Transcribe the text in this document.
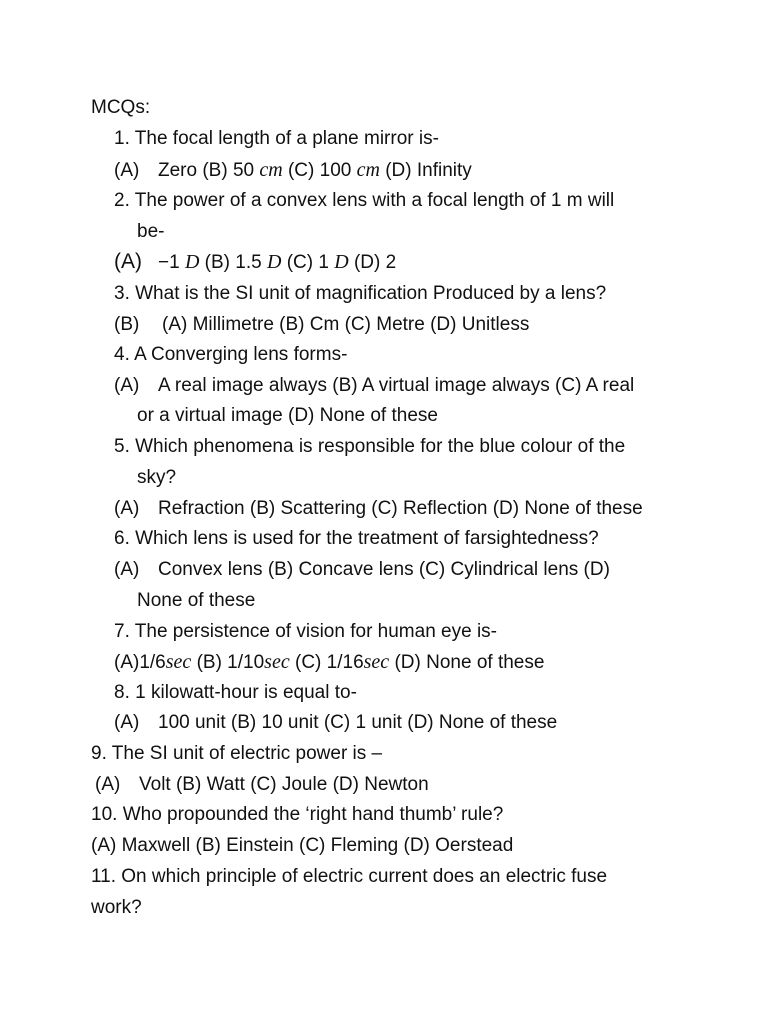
MCQs:
1. The focal length of a plane mirror is-
(A) Zero (B) 50 cm (C) 100 cm (D) Infinity
2. The power of a convex lens with a focal length of 1 m will
be-
(A) −1 D (B) 1.5 D (C) 1 D (D) 2
3. What is the SI unit of magnification Produced by a lens?
(B) (A) Millimetre (B) Cm (C) Metre (D) Unitless
4. A Converging lens forms-
(A) A real image always (B) A virtual image always (C) A real
or a virtual image (D) None of these
5. Which phenomena is responsible for the blue colour of the
sky?
(A) Refraction (B) Scattering (C) Reflection (D) None of these
6. Which lens is used for the treatment of farsightedness?
(A) Convex lens (B) Concave lens (C) Cylindrical lens (D)
None of these
7. The persistence of vision for human eye is-
(A)1/6sec (B) 1/10sec (C) 1/16sec (D) None of these
8. 1 kilowatt-hour is equal to-
(A) 100 unit (B) 10 unit (C) 1 unit (D) None of these
9. The SI unit of electric power is –
(A) Volt (B) Watt (C) Joule (D) Newton
10. Who propounded the ‘right hand thumb’ rule?
(A) Maxwell (B) Einstein (C) Fleming (D) Oerstead
11. On which principle of electric current does an electric fuse
work?
